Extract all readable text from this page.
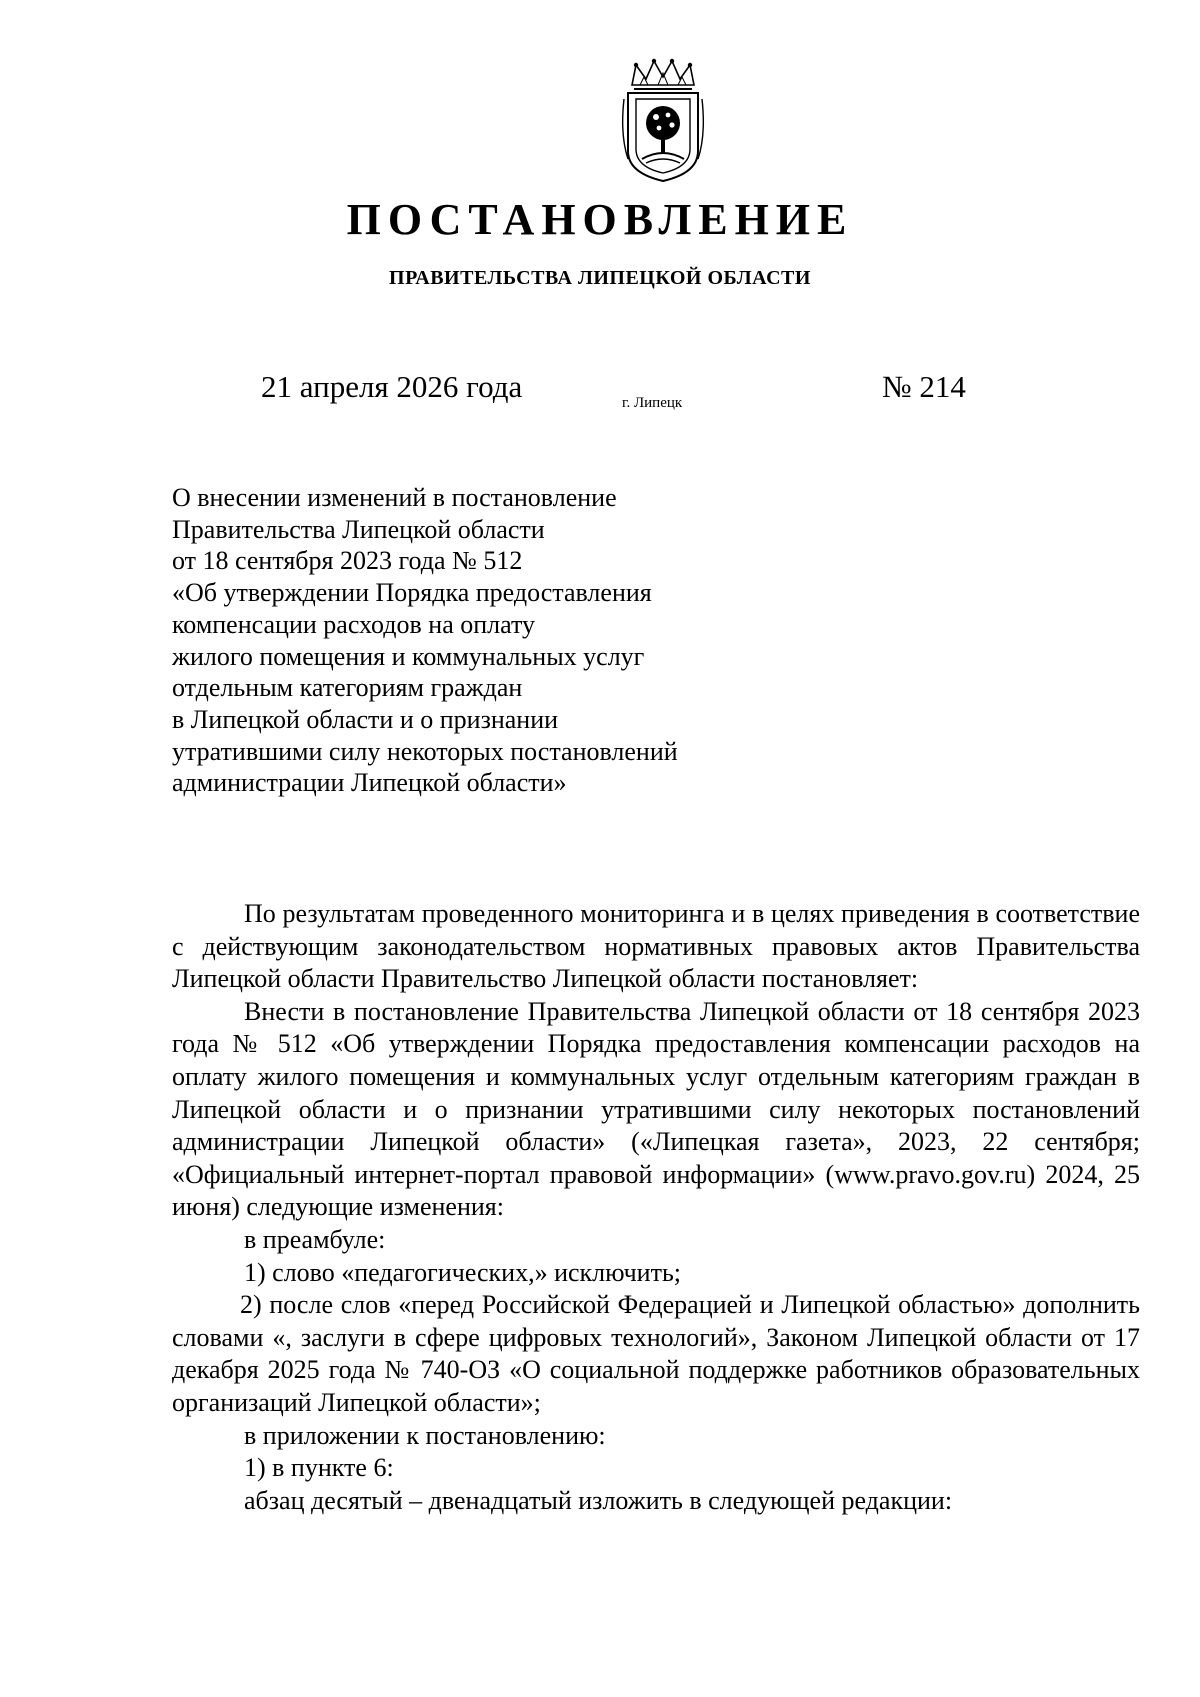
ПОСТАНОВЛЕНИЕ
ПРАВИТЕЛЬСТВА ЛИПЕЦКОЙ ОБЛАСТИ
21 апреля 2026 года	г. Липецк	№ 214
О внесении изменений в постановление
Правительства Липецкой области
от 18 сентября 2023 года № 512
«Об утверждении Порядка предоставления
компенсации расходов на оплату
жилого помещения и коммунальных услуг
отдельным категориям граждан
в Липецкой области и о признании
утратившими силу некоторых постановлений
администрации Липецкой области»

По результатам проведенного мониторинга и в целях приведения в соответствие с действующим законодательством нормативных правовых актов Правительства Липецкой области Правительство Липецкой области постановляет:

Внести в постановление Правительства Липецкой области от 18 сентября 2023 года № 512 «Об утверждении Порядка предоставления компенсации расходов на оплату жилого помещения и коммунальных услуг отдельным категориям граждан в Липецкой области и о признании утратившими силу некоторых постановлений администрации Липецкой области» («Липецкая газета», 2023, 22 сентября; «Официальный интернет-портал правовой информации» (www.pravo.gov.ru) 2024, 25 июня) следующие изменения:

в преамбуле:

1) слово «педагогических,» исключить;

2) после слов «перед Российской Федерацией и Липецкой областью» дополнить словами «, заслуги в сфере цифровых технологий», Законом Липецкой области от 17 декабря 2025 года № 740-ОЗ «О социальной поддержке работников образовательных организаций Липецкой области»;

в приложении к постановлению:

1) в пункте 6:

абзац десятый – двенадцатый изложить в следующей редакции:
